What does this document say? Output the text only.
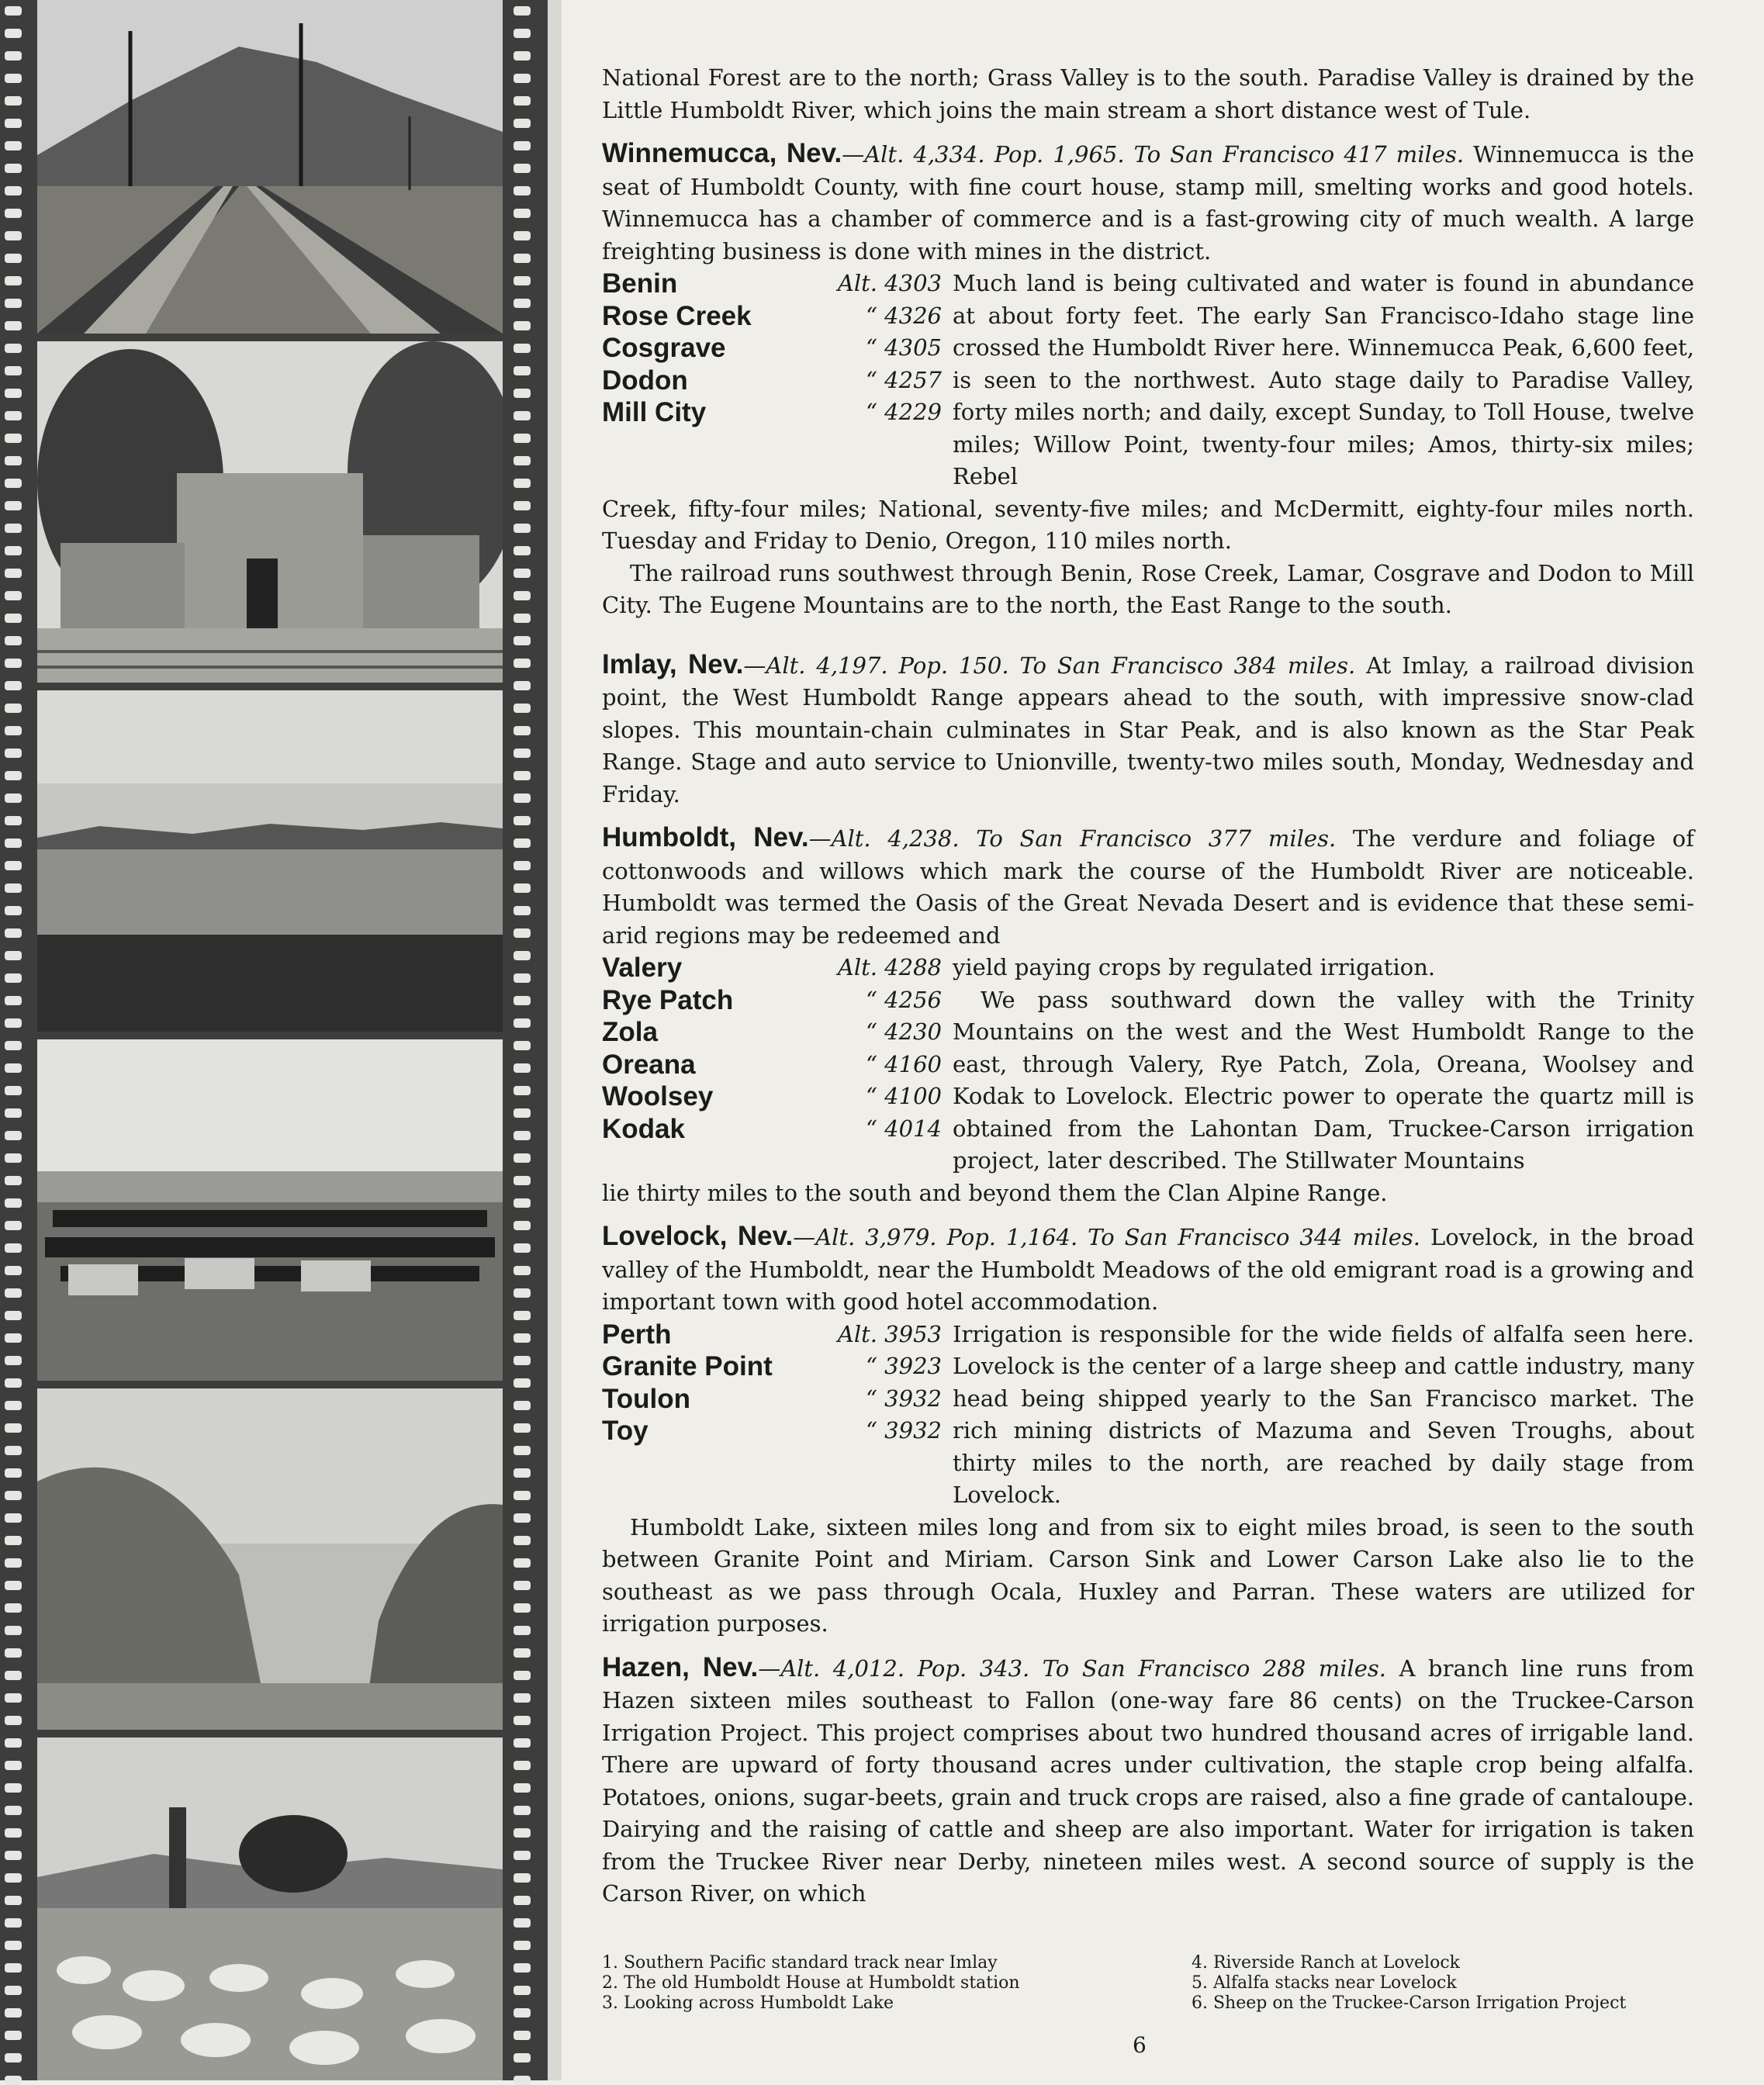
National Forest are to the north; Grass Valley is to the south. Paradise Valley is drained by the Little Humboldt River, which joins the main stream a short distance west of Tule.

Winnemucca, Nev.—Alt. 4,334. Pop. 1,965. To San Francisco 417 miles. Winnemucca is the seat of Humboldt County, with fine court house, stamp mill, smelting works and good hotels. Winnemucca has a chamber of commerce and is a fast-growing city of much wealth. A large freighting business is done with mines in the district.

Benin	Alt. 4303
Rose Creek	“ 4326
Cosgrave	“ 4305
Dodon	“ 4257
Mill City	“ 4229

Much land is being cultivated and water is found in abundance at about forty feet. The early San Francisco-Idaho stage line crossed the Humboldt River here. Winnemucca Peak, 6,600 feet, is seen to the northwest. Auto stage daily to Paradise Valley, forty miles north; and daily, except Sunday, to Toll House, twelve miles; Willow Point, twenty-four miles; Amos, thirty-six miles; Rebel

Creek, fifty-four miles; National, seventy-five miles; and McDermitt, eighty-four miles north. Tuesday and Friday to Denio, Oregon, 110 miles north.

The railroad runs southwest through Benin, Rose Creek, Lamar, Cosgrave and Dodon to Mill City. The Eugene Mountains are to the north, the East Range to the south.

Imlay, Nev.—Alt. 4,197. Pop. 150. To San Francisco 384 miles. At Imlay, a railroad division point, the West Humboldt Range appears ahead to the south, with impressive snow-clad slopes. This mountain-chain culminates in Star Peak, and is also known as the Star Peak Range. Stage and auto service to Unionville, twenty-two miles south, Monday, Wednesday and Friday.

Humboldt, Nev.—Alt. 4,238. To San Francisco 377 miles. The verdure and foliage of cottonwoods and willows which mark the course of the Humboldt River are noticeable. Humboldt was termed the Oasis of the Great Nevada Desert and is evidence that these semi-arid regions may be redeemed and

Valery	Alt. 4288
Rye Patch	“ 4256
Zola	“ 4230
Oreana	“ 4160
Woolsey	“ 4100
Kodak	“ 4014

yield paying crops by regulated irrigation.

We pass southward down the valley with the Trinity Mountains on the west and the West Humboldt Range to the east, through Valery, Rye Patch, Zola, Oreana, Woolsey and Kodak to Lovelock. Electric power to operate the quartz mill is obtained from the Lahontan Dam, Truckee-Carson irrigation project, later described. The Stillwater Mountains

lie thirty miles to the south and beyond them the Clan Alpine Range.

Lovelock, Nev.—Alt. 3,979. Pop. 1,164. To San Francisco 344 miles. Lovelock, in the broad valley of the Humboldt, near the Humboldt Meadows of the old emigrant road is a growing and important town with good hotel accommodation.

Perth	Alt. 3953
Granite Point	“ 3923
Toulon	“ 3932
Toy	“ 3932

Irrigation is responsible for the wide fields of alfalfa seen here. Lovelock is the center of a large sheep and cattle industry, many head being shipped yearly to the San Francisco market. The rich mining districts of Mazuma and Seven Troughs, about thirty miles to the north, are reached by daily stage from Lovelock.

Humboldt Lake, sixteen miles long and from six to eight miles broad, is seen to the south between Granite Point and Miriam. Carson Sink and Lower Carson Lake also lie to the southeast as we pass through Ocala, Huxley and Parran. These waters are utilized for irrigation purposes.

Hazen, Nev.—Alt. 4,012. Pop. 343. To San Francisco 288 miles. A branch line runs from Hazen sixteen miles southeast to Fallon (one-way fare 86 cents) on the Truckee-Carson Irrigation Project. This project comprises about two hundred thousand acres of irrigable land. There are upward of forty thousand acres under cultivation, the staple crop being alfalfa. Potatoes, onions, sugar-beets, grain and truck crops are raised, also a fine grade of cantaloupe. Dairying and the raising of cattle and sheep are also important. Water for irrigation is taken from the Truckee River near Derby, nineteen miles west. A second source of supply is the Carson River, on which

1. Southern Pacific standard track near Imlay
2. The old Humboldt House at Humboldt station
3. Looking across Humboldt Lake
4. Riverside Ranch at Lovelock
5. Alfalfa stacks near Lovelock
6. Sheep on the Truckee-Carson Irrigation Project
6
